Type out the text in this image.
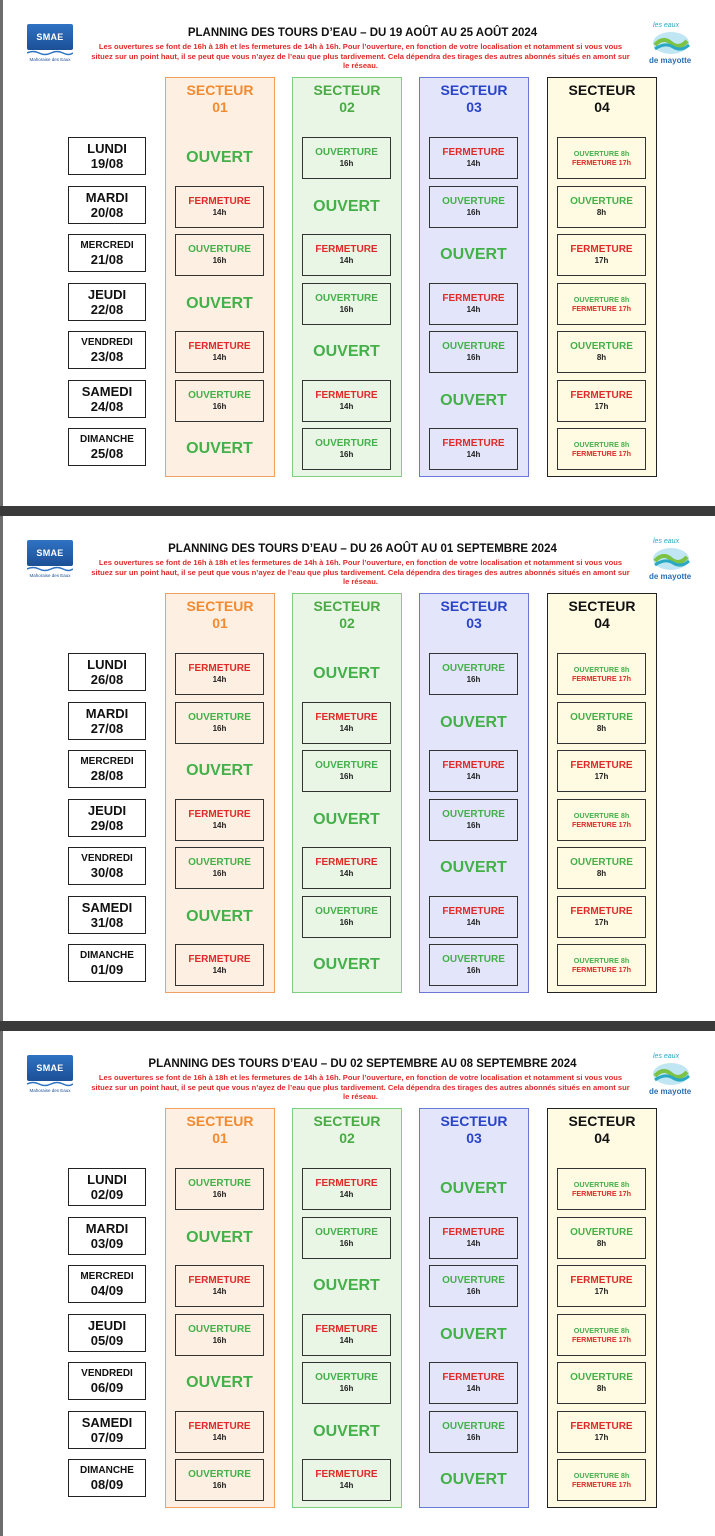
SMAE
Mahoraise des Eaux
les eaux
de mayotte
PLANNING DES TOURS D’EAU – DU 19 AOÛT AU 25 AOÛT 2024
Les ouvertures se font de 16h à 18h et les fermetures de 14h à 16h. Pour l’ouverture, en fonction de votre localisation et notamment si vous vous situez sur un point haut, il se peut que vous n’ayez de l’eau que plus tardivement. Cela dépendra des tirages des autres abonnés situés en amont sur le réseau.
SECTEUR
01
OUVERT
FERMETURE
14h
OUVERTURE
16h
OUVERT
FERMETURE
14h
OUVERTURE
16h
OUVERT
SECTEUR
02
OUVERTURE
16h
OUVERT
FERMETURE
14h
OUVERTURE
16h
OUVERT
FERMETURE
14h
OUVERTURE
16h
SECTEUR
03
FERMETURE
14h
OUVERTURE
16h
OUVERT
FERMETURE
14h
OUVERTURE
16h
OUVERT
FERMETURE
14h
SECTEUR
04
OUVERTURE 8h
FERMETURE 17h
OUVERTURE
8h
FERMETURE
17h
OUVERTURE 8h
FERMETURE 17h
OUVERTURE
8h
FERMETURE
17h
OUVERTURE 8h
FERMETURE 17h
LUNDI
19/08
MARDI
20/08
MERCREDI
21/08
JEUDI
22/08
VENDREDI
23/08
SAMEDI
24/08
DIMANCHE
25/08
SMAE
Mahoraise des Eaux
les eaux
de mayotte
PLANNING DES TOURS D’EAU – DU 26 AOÛT AU 01 SEPTEMBRE 2024
Les ouvertures se font de 16h à 18h et les fermetures de 14h à 16h. Pour l’ouverture, en fonction de votre localisation et notamment si vous vous situez sur un point haut, il se peut que vous n’ayez de l’eau que plus tardivement. Cela dépendra des tirages des autres abonnés situés en amont sur le réseau.
SECTEUR
01
FERMETURE
14h
OUVERTURE
16h
OUVERT
FERMETURE
14h
OUVERTURE
16h
OUVERT
FERMETURE
14h
SECTEUR
02
OUVERT
FERMETURE
14h
OUVERTURE
16h
OUVERT
FERMETURE
14h
OUVERTURE
16h
OUVERT
SECTEUR
03
OUVERTURE
16h
OUVERT
FERMETURE
14h
OUVERTURE
16h
OUVERT
FERMETURE
14h
OUVERTURE
16h
SECTEUR
04
OUVERTURE 8h
FERMETURE 17h
OUVERTURE
8h
FERMETURE
17h
OUVERTURE 8h
FERMETURE 17h
OUVERTURE
8h
FERMETURE
17h
OUVERTURE 8h
FERMETURE 17h
LUNDI
26/08
MARDI
27/08
MERCREDI
28/08
JEUDI
29/08
VENDREDI
30/08
SAMEDI
31/08
DIMANCHE
01/09
SMAE
Mahoraise des Eaux
les eaux
de mayotte
PLANNING DES TOURS D’EAU – DU 02 SEPTEMBRE AU 08 SEPTEMBRE 2024
Les ouvertures se font de 16h à 18h et les fermetures de 14h à 16h. Pour l’ouverture, en fonction de votre localisation et notamment si vous vous situez sur un point haut, il se peut que vous n’ayez de l’eau que plus tardivement. Cela dépendra des tirages des autres abonnés situés en amont sur le réseau.
SECTEUR
01
OUVERTURE
16h
OUVERT
FERMETURE
14h
OUVERTURE
16h
OUVERT
FERMETURE
14h
OUVERTURE
16h
SECTEUR
02
FERMETURE
14h
OUVERTURE
16h
OUVERT
FERMETURE
14h
OUVERTURE
16h
OUVERT
FERMETURE
14h
SECTEUR
03
OUVERT
FERMETURE
14h
OUVERTURE
16h
OUVERT
FERMETURE
14h
OUVERTURE
16h
OUVERT
SECTEUR
04
OUVERTURE 8h
FERMETURE 17h
OUVERTURE
8h
FERMETURE
17h
OUVERTURE 8h
FERMETURE 17h
OUVERTURE
8h
FERMETURE
17h
OUVERTURE 8h
FERMETURE 17h
LUNDI
02/09
MARDI
03/09
MERCREDI
04/09
JEUDI
05/09
VENDREDI
06/09
SAMEDI
07/09
DIMANCHE
08/09
